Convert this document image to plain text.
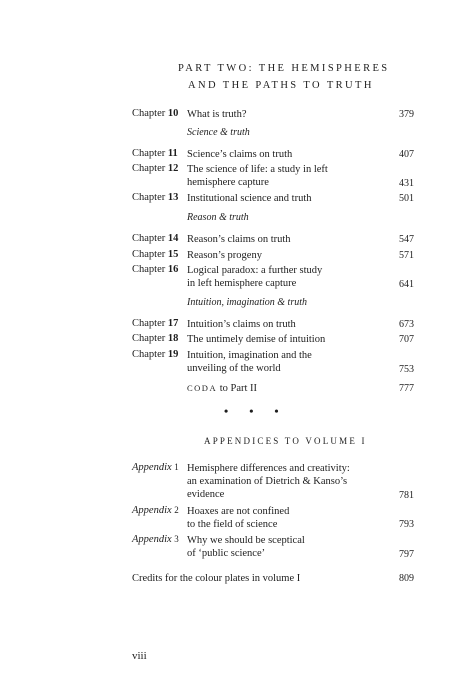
PART TWO: THE HEMISPHERES
AND THE PATHS TO TRUTH
Chapter 10 What is truth?	379
Science & truth
Chapter 11 Science’s claims on truth	407
Chapter 12 The science of life: a study in left
hemisphere capture	431
Chapter 13 Institutional science and truth	501
Reason & truth
Chapter 14 Reason’s claims on truth	547
Chapter 15 Reason’s progeny	571
Chapter 16 Logical paradox: a further study
in left hemisphere capture	641
Intuition, imagination & truth
Chapter 17 Intuition’s claims on truth	673
Chapter 18 The untimely demise of intuition	707
Chapter 19 Intuition, imagination and the
unveiling of the world	753
CODA to Part II	777
• • •
APPENDICES TO VOLUME I
Appendix 1 Hemisphere differences and creativity:
an examination of Dietrich & Kanso’s
evidence	781
Appendix 2 Hoaxes are not confined
to the field of science	793
Appendix 3 Why we should be sceptical
of ‘public science’	797
Credits for the colour plates in volume I	809
viii
